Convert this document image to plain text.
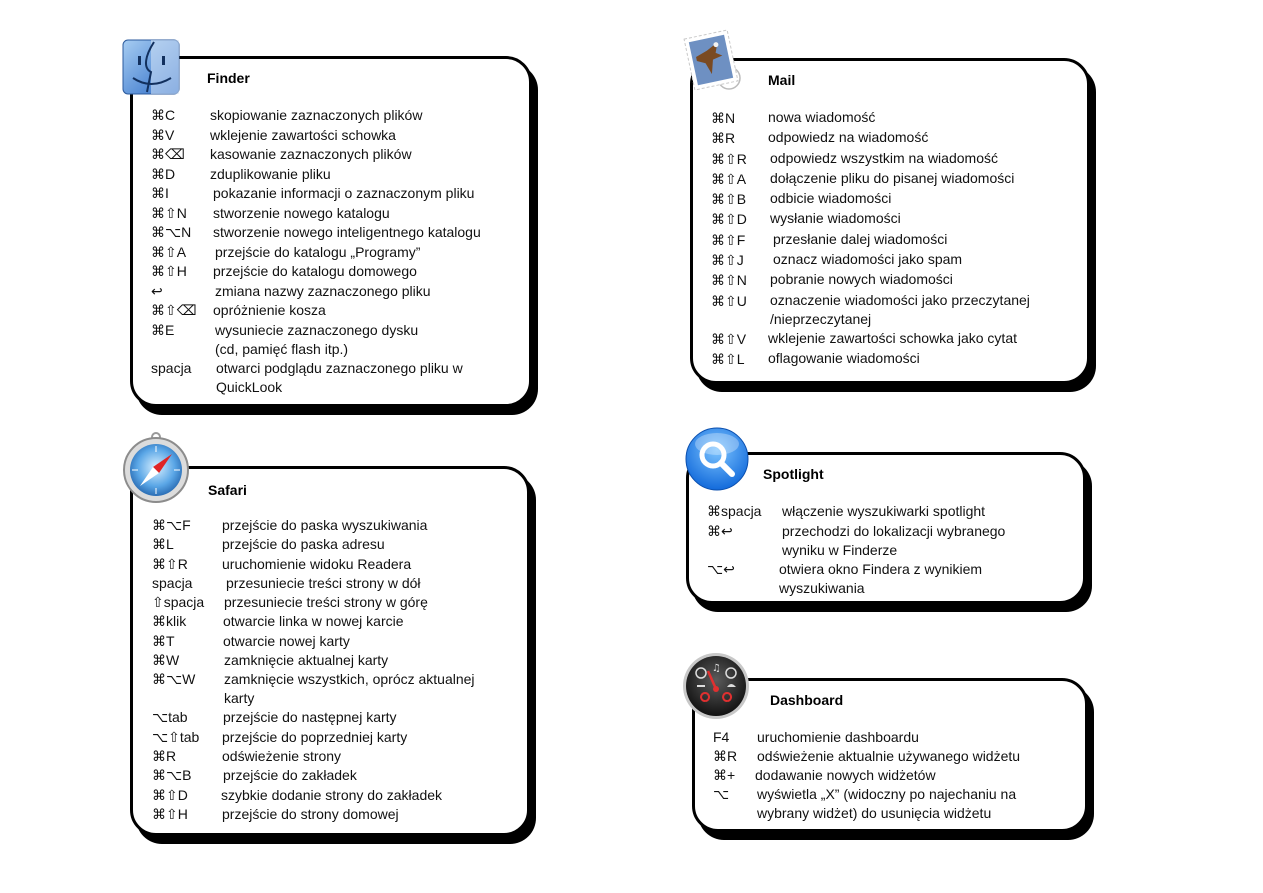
Finder
⌘C	skopiowanie zaznaczonych plików
⌘V	wklejenie zawartości schowka
⌘⌫	kasowanie zaznaczonych plików
⌘D	zduplikowanie pliku
⌘I	pokazanie informacji o zaznaczonym pliku
⌘⇧N	stworzenie nowego katalogu
⌘⌥N	stworzenie nowego inteligentnego katalogu
⌘⇧A	przejście do katalogu „Programy”
⌘⇧H	przejście do katalogu domowego
↩	zmiana nazwy zaznaczonego pliku
⌘⇧⌫	opróżnienie kosza
⌘E	wysuniecie zaznaczonego dysku
(cd, pamięć flash itp.)
spacja	otwarci podglądu zaznaczonego pliku w
QuickLook
Mail
⌘N	nowa wiadomość
⌘R	odpowiedz na wiadomość
⌘⇧R	odpowiedz wszystkim na wiadomość
⌘⇧A	dołączenie pliku do pisanej wiadomości
⌘⇧B	odbicie wiadomości
⌘⇧D	wysłanie wiadomości
⌘⇧F	przesłanie dalej wiadomości
⌘⇧J	oznacz wiadomości jako spam
⌘⇧N	pobranie nowych wiadomości
⌘⇧U	oznaczenie wiadomości jako przeczytanej
/nieprzeczytanej
⌘⇧V	wklejenie zawartości schowka jako cytat
⌘⇧L	oflagowanie wiadomości
Safari
⌘⌥F	przejście do paska wyszukiwania
⌘L	przejście do paska adresu
⌘⇧R	uruchomienie widoku Readera
spacja	przesuniecie treści strony w dół
⇧spacja	przesuniecie treści strony w górę
⌘klik	otwarcie linka w nowej karcie
⌘T	otwarcie nowej karty
⌘W	zamknięcie aktualnej karty
⌘⌥W	zamknięcie wszystkich, oprócz aktualnej
karty
⌥tab	przejście do następnej karty
⌥⇧tab	przejście do poprzedniej karty
⌘R	odświeżenie strony
⌘⌥B	przejście do zakładek
⌘⇧D	szybkie dodanie strony do zakładek
⌘⇧H	przejście do strony domowej
Spotlight
⌘spacja	włączenie wyszukiwarki spotlight
⌘↩	przechodzi do lokalizacji wybranego
wyniku w Finderze
⌥↩	otwiera okno Findera z wynikiem
wyszukiwania
♫
Dashboard
F4	uruchomienie dashboardu
⌘R	odświeżenie aktualnie używanego widżetu
⌘+	dodawanie nowych widżetów
⌥	wyświetla „X” (widoczny po najechaniu na
wybrany widżet) do usunięcia widżetu
